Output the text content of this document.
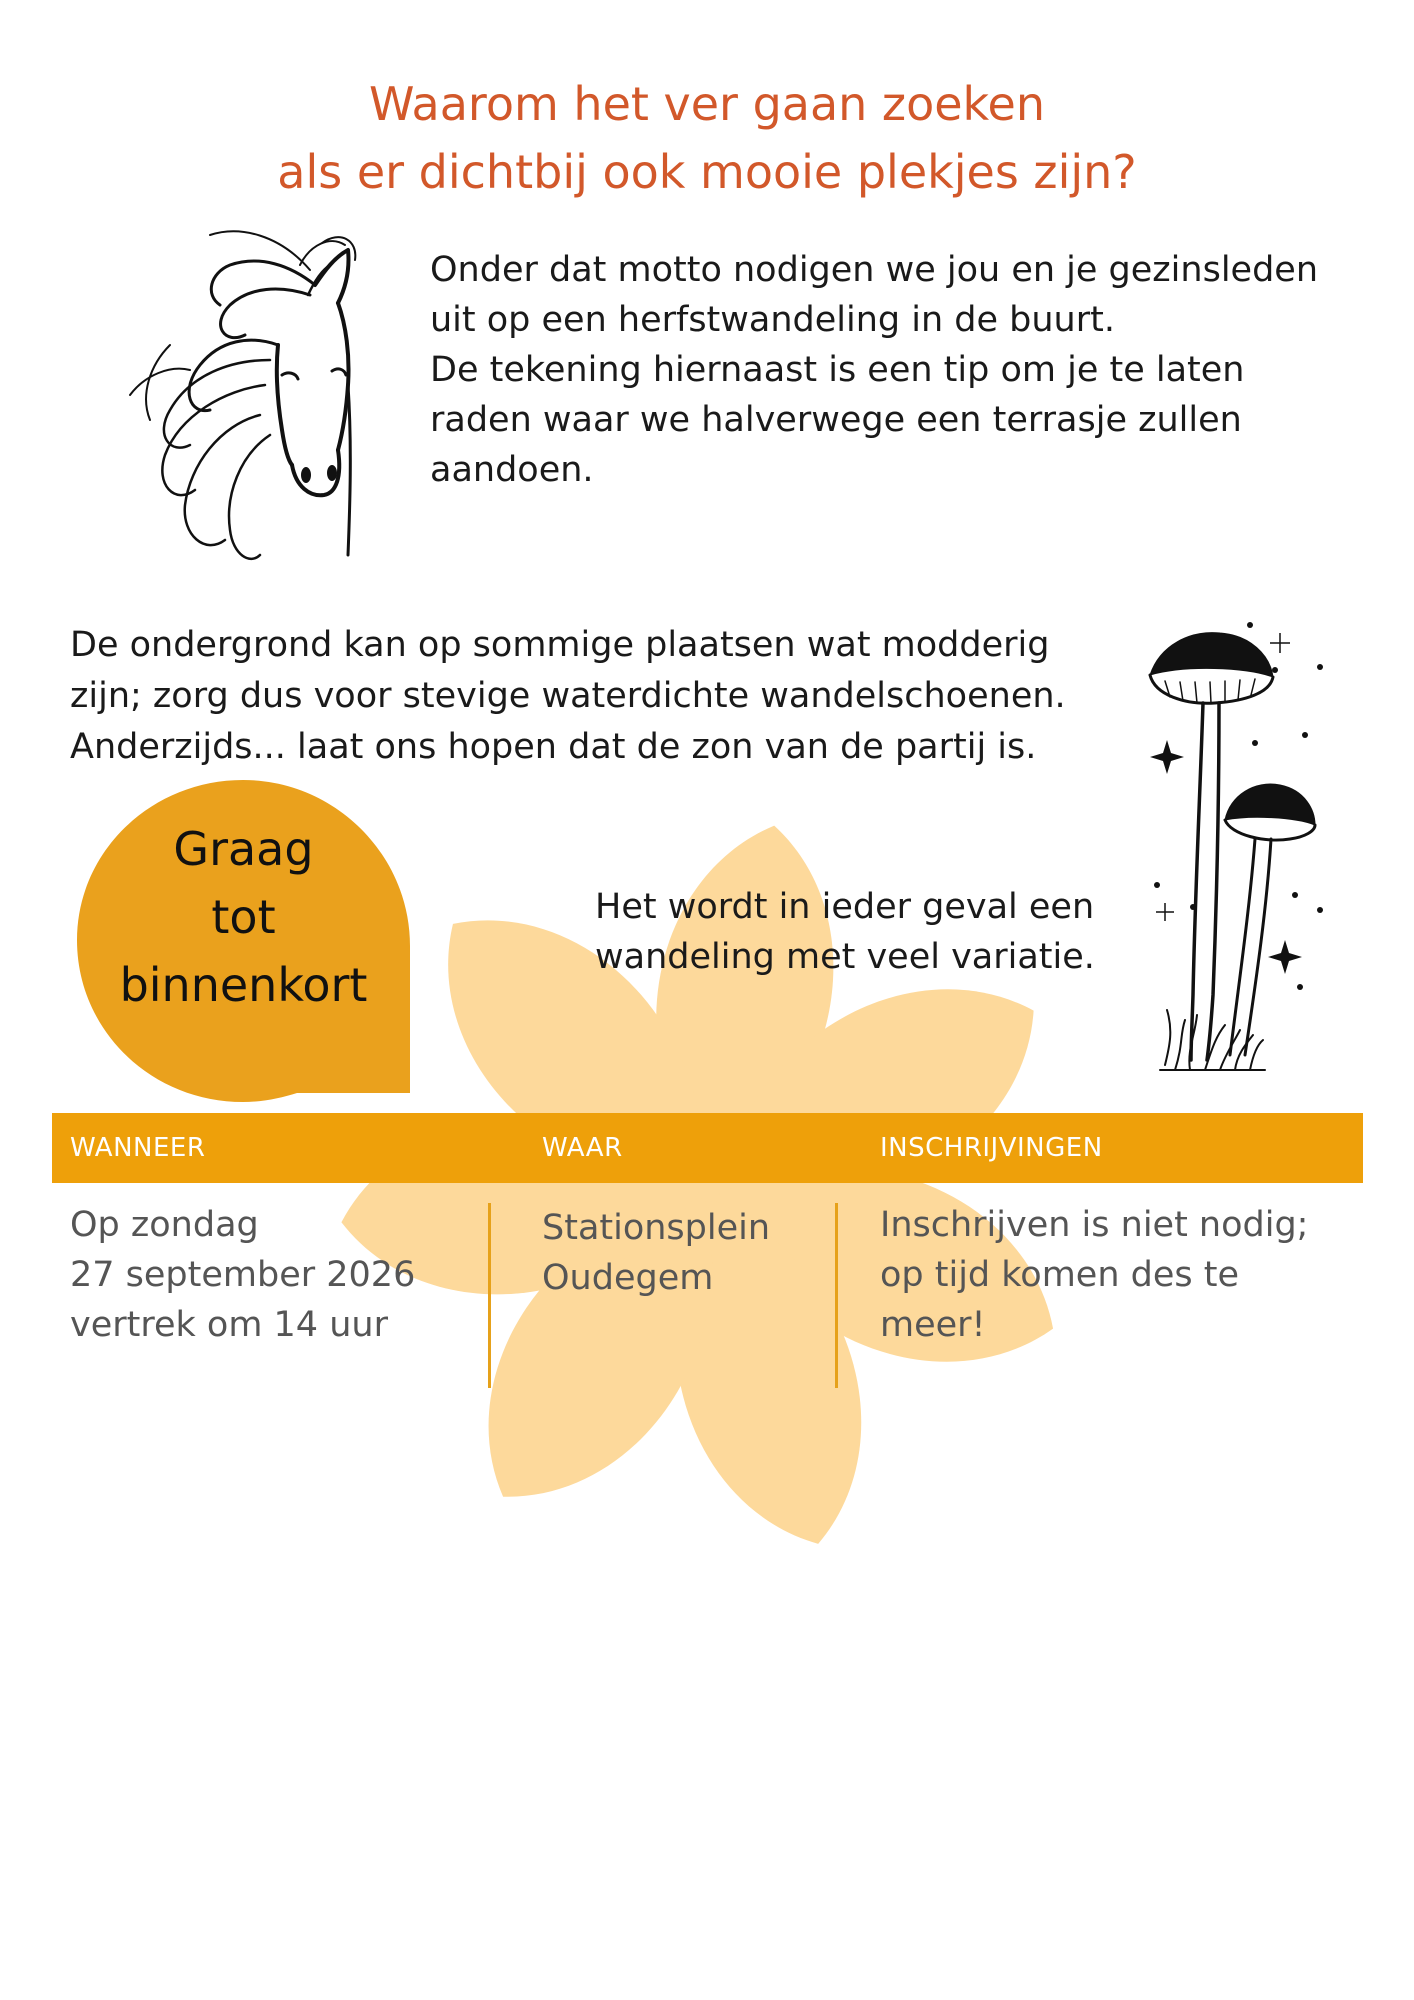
Waarom het ver gaan zoeken
als er dichtbij ook mooie plekjes zijn?
Onder dat motto nodigen we jou en je gezinsleden
uit op een herfstwandeling in de buurt.
De tekening hiernaast is een tip om je te laten
raden waar we halverwege een terrasje zullen
aandoen.
De ondergrond kan op sommige plaatsen wat modderig
zijn; zorg dus voor stevige waterdichte wandelschoenen.
Anderzijds... laat ons hopen dat de zon van de partij is.
Graag
tot
binnenkort
Het wordt in ieder geval een
wandeling met veel variatie.
WANNEER	WAAR	INSCHRIJVINGEN
Op zondag
27 september 2026
vertrek om 14 uur
Stationsplein
Oudegem
Inschrijven is niet nodig;
op tijd komen des te
meer!
